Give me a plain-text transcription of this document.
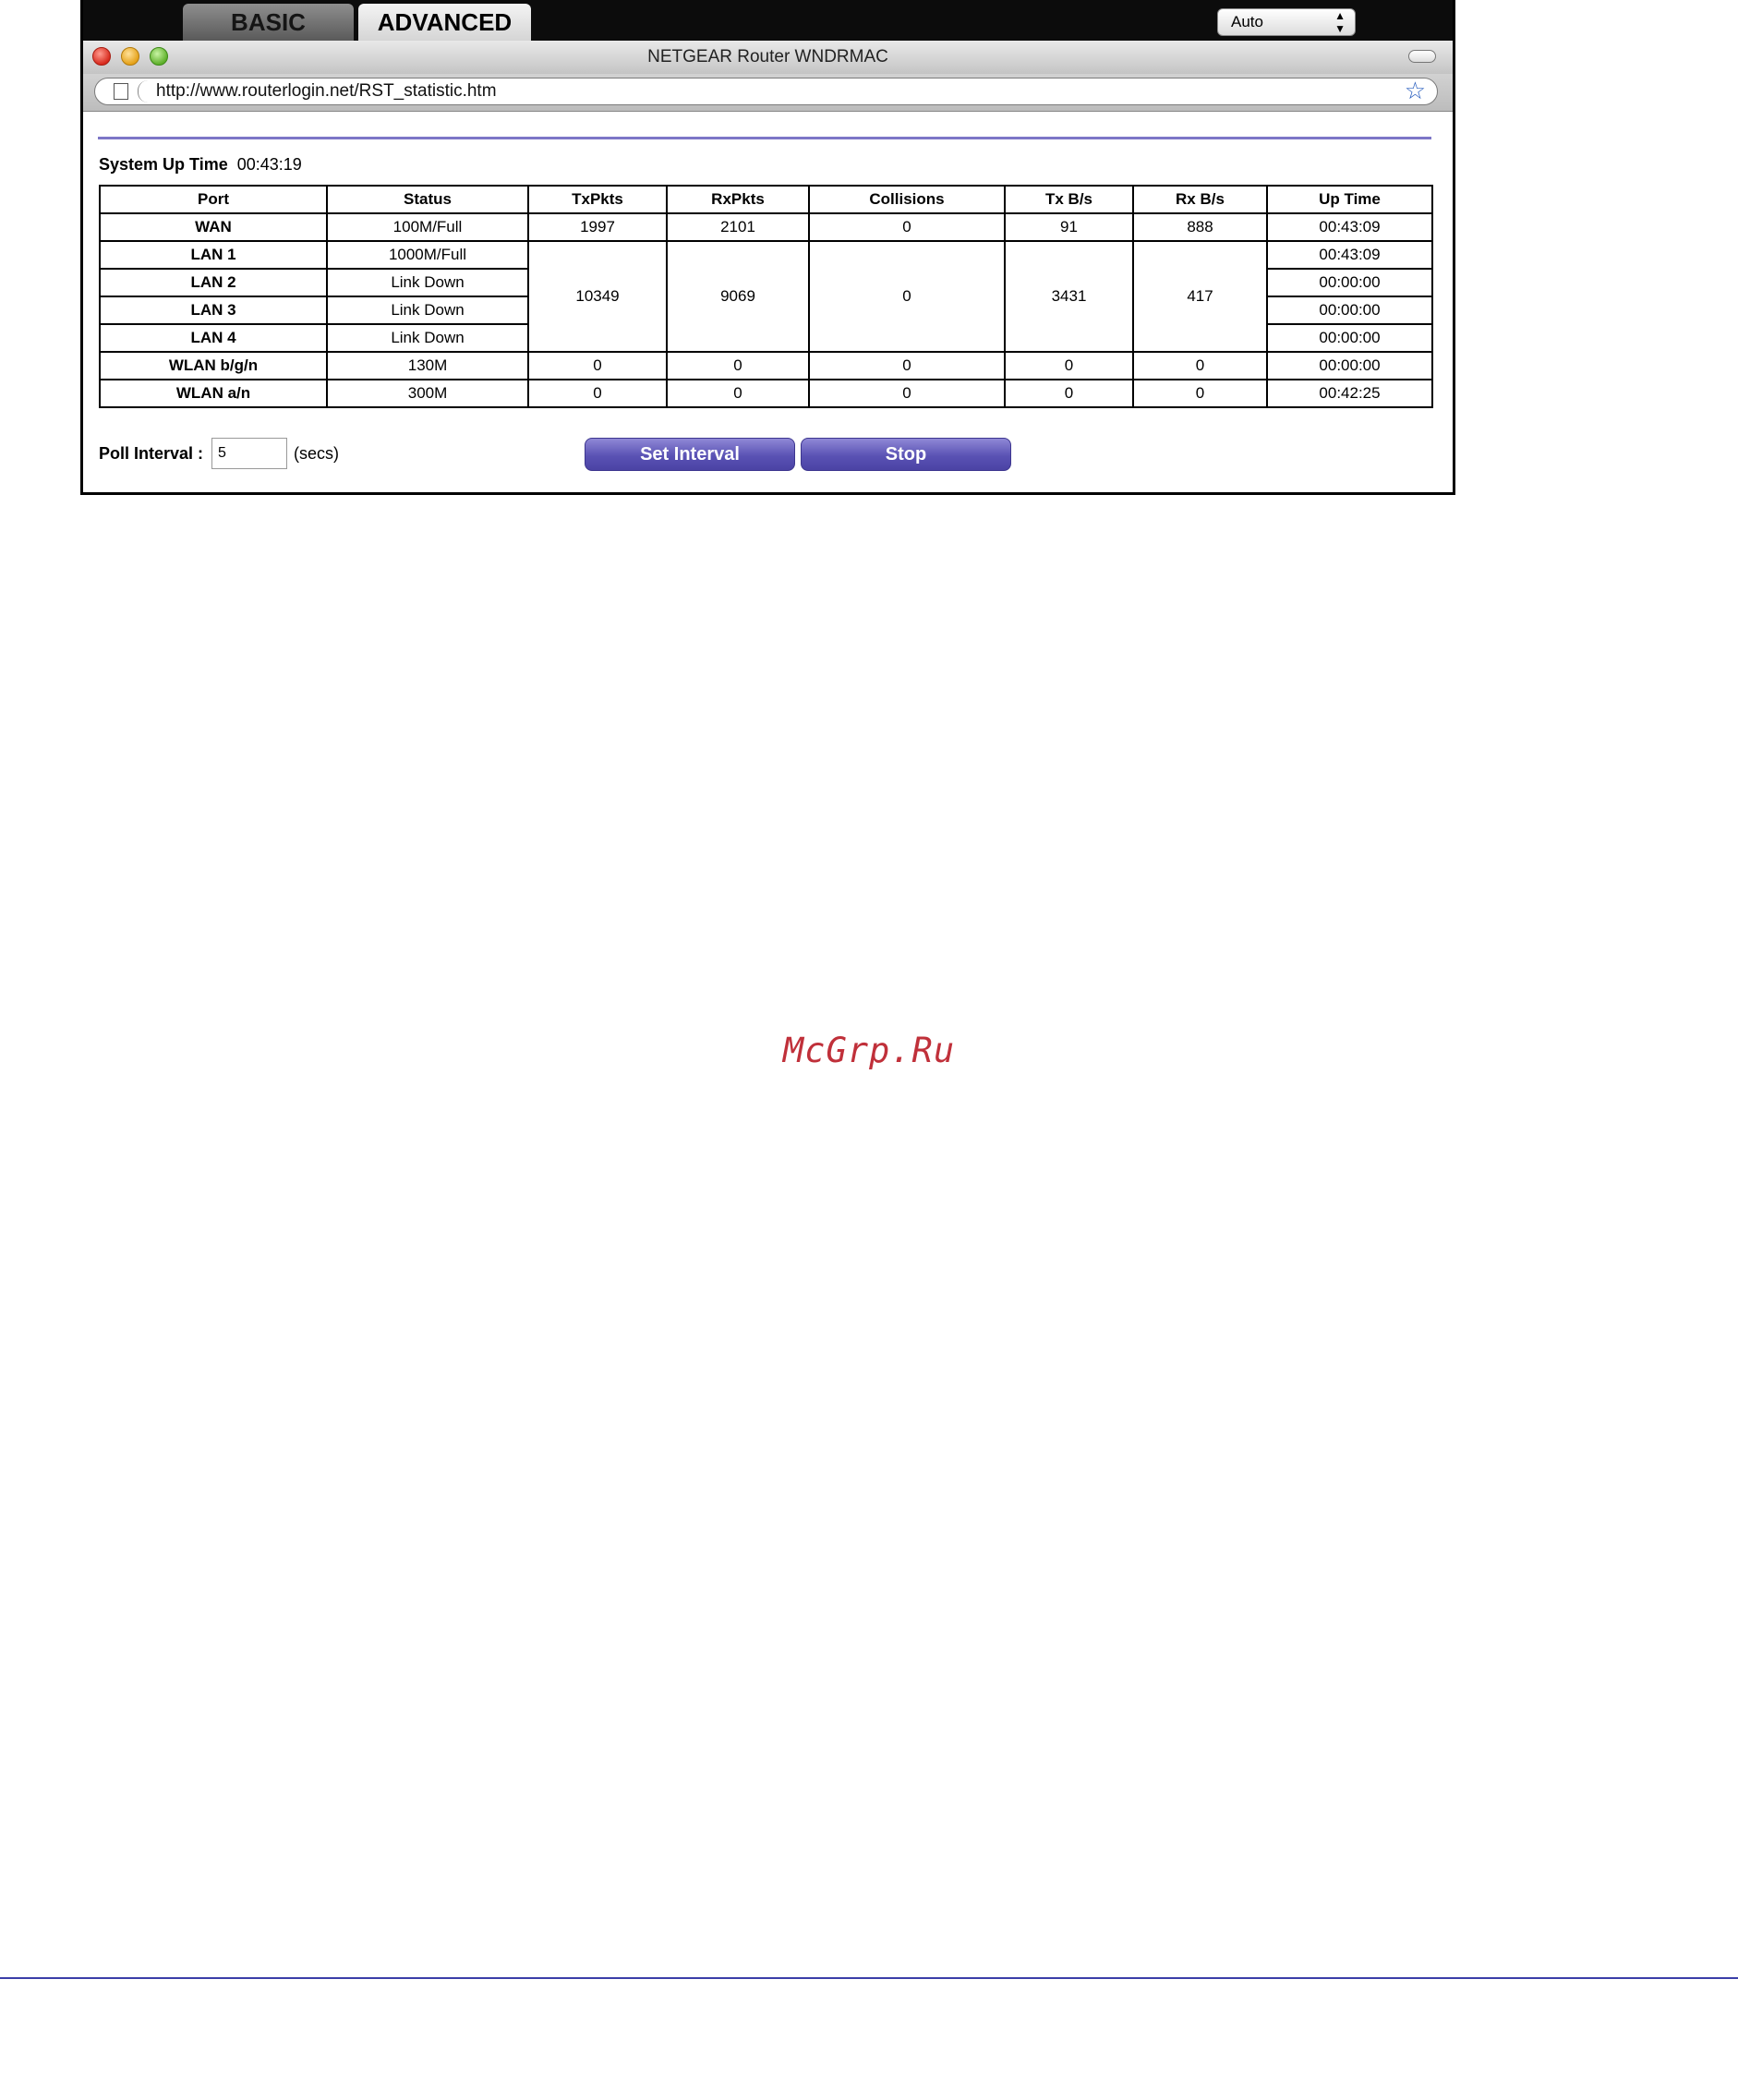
BASIC	ADVANCED	Auto	▲
▼
NETGEAR Router WNDRMAC
http://www.routerlogin.net/RST_statistic.htm	☆
System Up Time 00:43:19
Port	Status	TxPkts	RxPkts	Collisions	Tx B/s	Rx B/s	Up Time
WAN	100M/Full	1997	2101	0	91	888	00:43:09
LAN 1	1000M/Full	10349	9069	0	3431	417	00:43:09
LAN 2	Link Down						00:00:00
LAN 3	Link Down						00:00:00
LAN 4	Link Down						00:00:00
WLAN b/g/n	130M	0	0	0	0	0	00:00:00
WLAN a/n	300M	0	0	0	0	0	00:42:25
Poll Interval :
5	(secs)	Set Interval	Stop
McGrp.Ru
